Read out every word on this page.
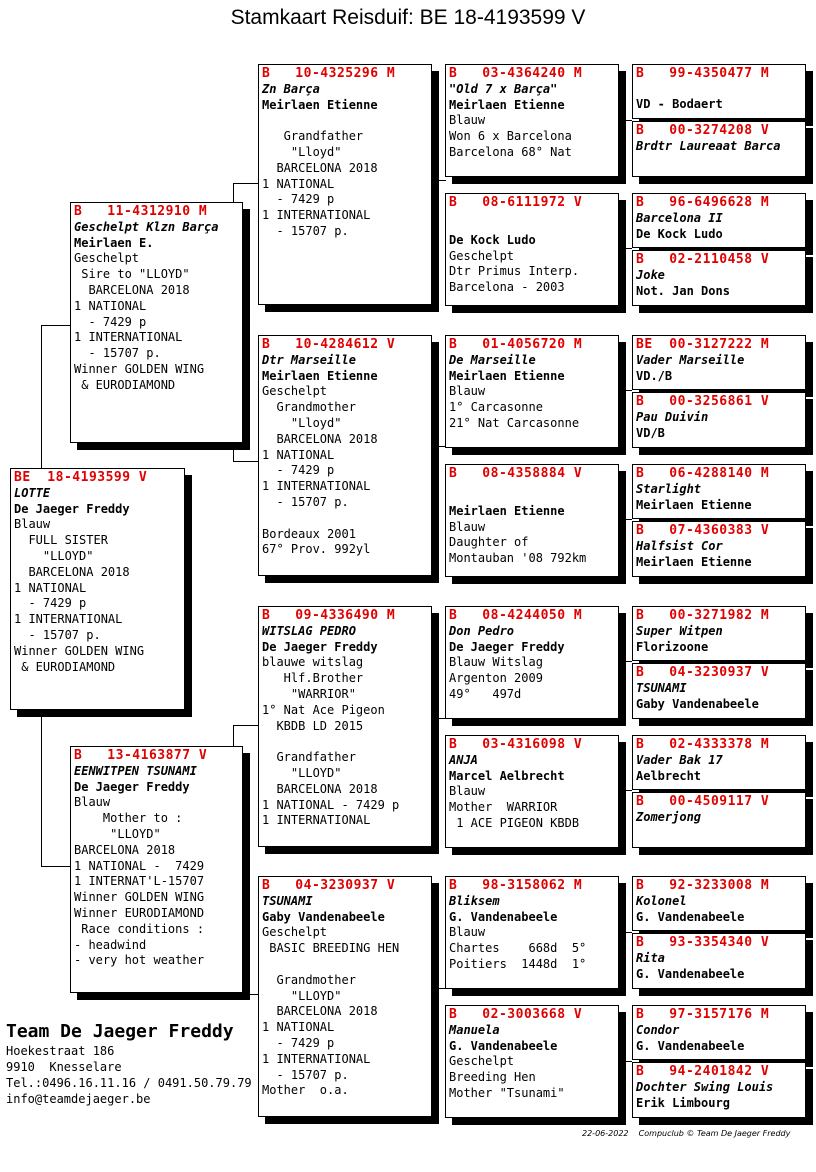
Stamkaart Reisduif: BE 18-4193599 V
BE  18-4193599 V
LOTTE
De Jaeger Freddy
Blauw
FULL SISTER
"LLOYD"
BARCELONA 2018
1 NATIONAL
- 7429 p
1 INTERNATIONAL
- 15707 p.
Winner GOLDEN WING
& EURODIAMOND
B   11-4312910 M
Geschelpt Klzn Barça
Meirlaen E.
Geschelpt
Sire to "LLOYD"
BARCELONA 2018
1 NATIONAL
- 7429 p
1 INTERNATIONAL
- 15707 p.
Winner GOLDEN WING
& EURODIAMOND
B   13-4163877 V
EENWITPEN TSUNAMI
De Jaeger Freddy
Blauw
Mother to :
"LLOYD"
BARCELONA 2018
1 NATIONAL -  7429
1 INTERNAT'L-15707
Winner GOLDEN WING
Winner EURODIAMOND
Race conditions :
- headwind
- very hot weather
B   10-4325296 M
Zn Barça
Meirlaen Etienne

Grandfather
"Lloyd"
BARCELONA 2018
1 NATIONAL
- 7429 p
1 INTERNATIONAL
- 15707 p.
B   10-4284612 V
Dtr Marseille
Meirlaen Etienne
Geschelpt
Grandmother
"Lloyd"
BARCELONA 2018
1 NATIONAL
- 7429 p
1 INTERNATIONAL
- 15707 p.

Bordeaux 2001
67° Prov. 992yl
B   09-4336490 M
WITSLAG PEDRO
De Jaeger Freddy
blauwe witslag
Hlf.Brother
"WARRIOR"
1° Nat Ace Pigeon
KBDB LD 2015

Grandfather
"LLOYD"
BARCELONA 2018
1 NATIONAL - 7429 p
1 INTERNATIONAL
B   04-3230937 V
TSUNAMI
Gaby Vandenabeele
Geschelpt
BASIC BREEDING HEN

Grandmother
"LLOYD"
BARCELONA 2018
1 NATIONAL
- 7429 p
1 INTERNATIONAL
- 15707 p.
Mother  o.a.
B   03-4364240 M
"Old 7 x Barça"
Meirlaen Etienne
Blauw
Won 6 x Barcelona
Barcelona 68° Nat
B   08-6111972 V
De Kock Ludo
Geschelpt
Dtr Primus Interp.
Barcelona - 2003
B   01-4056720 M
De Marseille
Meirlaen Etienne
Blauw
1° Carcasonne
21° Nat Carcasonne
B   08-4358884 V
Meirlaen Etienne
Blauw
Daughter of
Montauban '08 792km
B   08-4244050 M
Don Pedro
De Jaeger Freddy
Blauw Witslag
Argenton 2009
49°   497d
B   03-4316098 V
ANJA
Marcel Aelbrecht
Blauw
Mother  WARRIOR
1 ACE PIGEON KBDB
B   98-3158062 M
Bliksem
G. Vandenabeele
Blauw
Chartes    668d  5°
Poitiers  1448d  1°
B   02-3003668 V
Manuela
G. Vandenabeele
Geschelpt
Breeding Hen
Mother "Tsunami"
B   99-4350477 M
VD - Bodaert
B   00-3274208 V
Brdtr Laureaat Barca
B   96-6496628 M
Barcelona II
De Kock Ludo
B   02-2110458 V
Joke
Not. Jan Dons
BE  00-3127222 M
Vader Marseille
VD./B
B   00-3256861 V
Pau Duivin
VD/B
B   06-4288140 M
Starlight
Meirlaen Etienne
B   07-4360383 V
Halfsist Cor
Meirlaen Etienne
B   00-3271982 M
Super Witpen
Florizoone
B   04-3230937 V
TSUNAMI
Gaby Vandenabeele
B   02-4333378 M
Vader Bak 17
Aelbrecht
B   00-4509117 V
Zomerjong
B   92-3233008 M
Kolonel
G. Vandenabeele
B   93-3354340 V
Rita
G. Vandenabeele
B   97-3157176 M
Condor
G. Vandenabeele
B   94-2401842 V
Dochter Swing Louis
Erik Limbourg
Team De Jaeger Freddy
Hoekestraat 186
9910  Knesselare
Tel.:0496.16.11.16 / 0491.50.79.79
info@teamdejaeger.be
22-06-2022    Compuclub © Team De Jaeger Freddy
